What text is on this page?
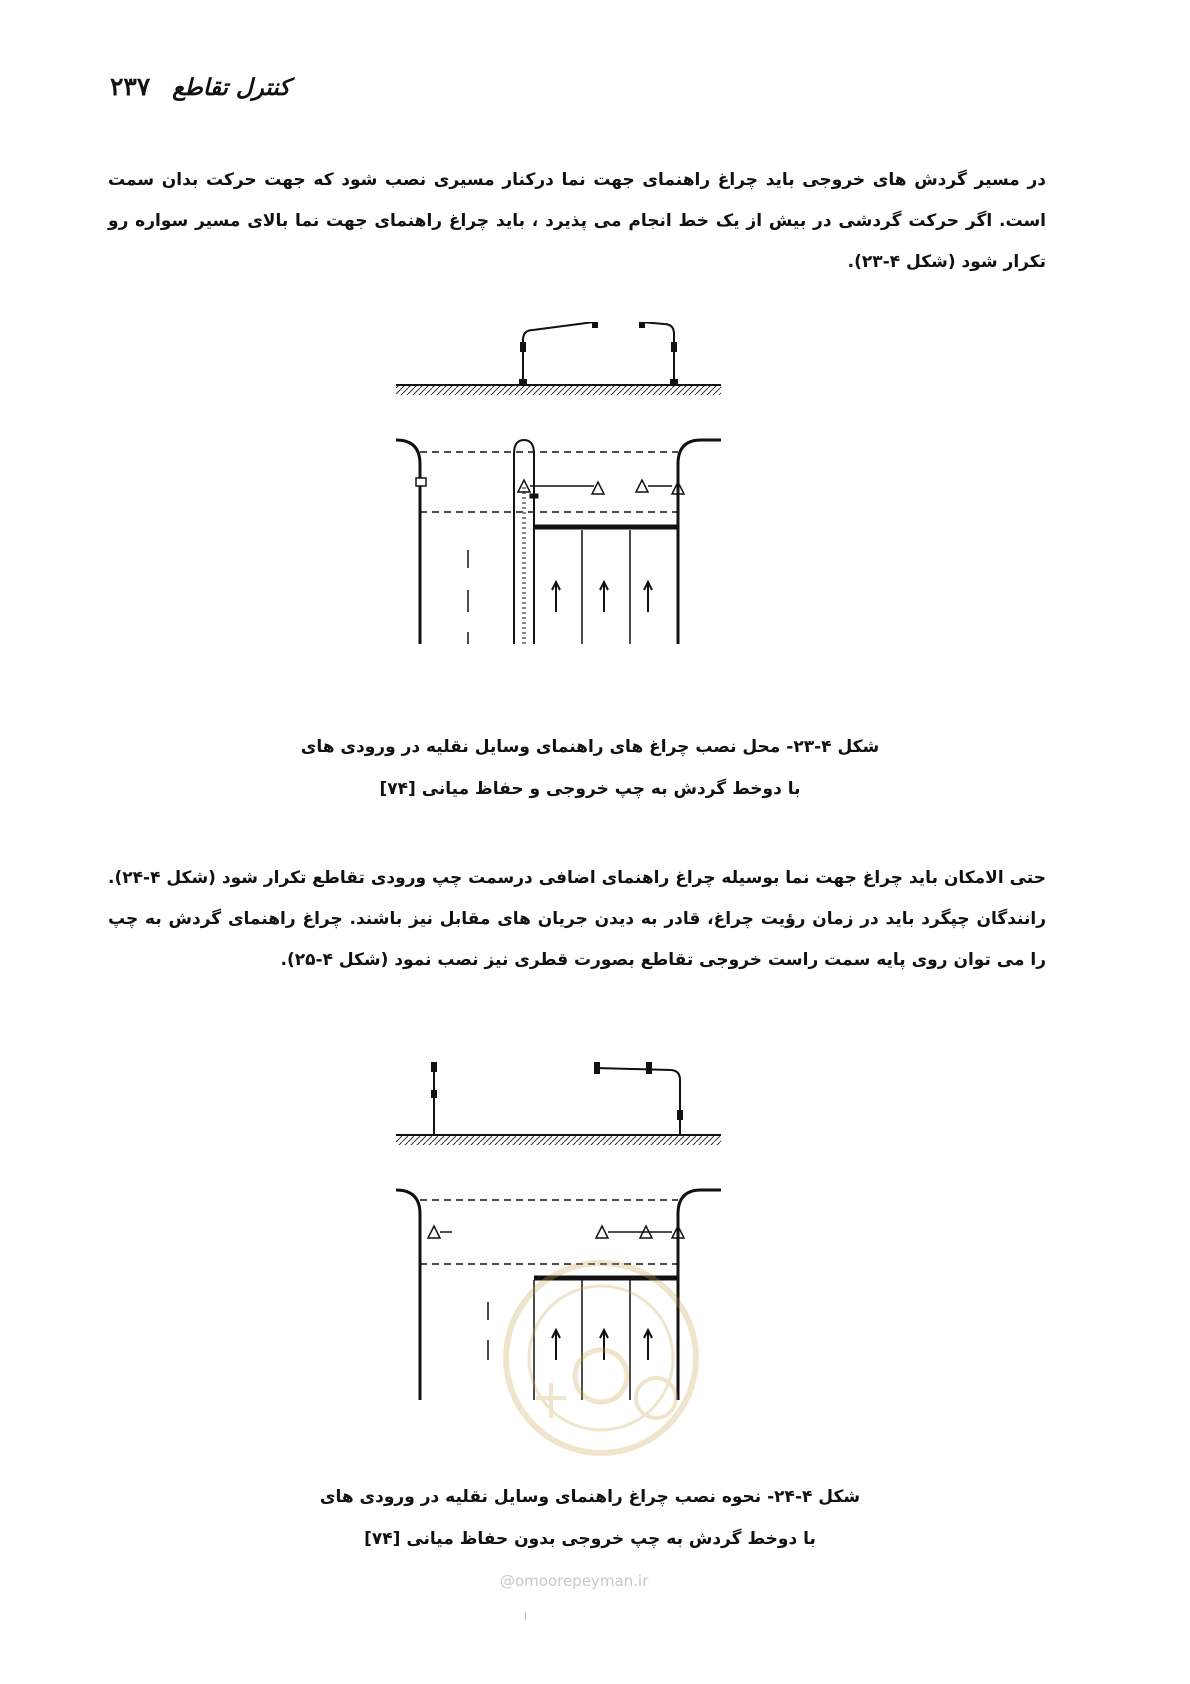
۲۳۷ کنترل تقاطع

در مسیر گردش های خروجی باید چراغ راهنمای جهت نما درکنار مسیری نصب شود که جهت حرکت بدان سمت است. اگر حرکت گردشی در بیش از یک خط انجام می پذیرد ، باید چراغ راهنمای جهت نما بالای مسیر سواره رو تکرار شود (شکل ۴-۲۳).

شکل ۴-۲۳- محل نصب چراغ های راهنمای وسایل نقلیه در ورودی های
با دوخط گردش به چپ خروجی و حفاظ میانی [۷۴]

حتی الامکان باید چراغ جهت نما بوسیله چراغ راهنمای اضافی درسمت چپ ورودی تقاطع تکرار شود (شکل ۴-۲۴). رانندگان چپگرد باید در زمان رؤیت چراغ، قادر به دیدن جریان های مقابل نیز باشند. چراغ راهنمای گردش به چپ را می توان روی پایه سمت راست خروجی تقاطع بصورت قطری نیز نصب نمود (شکل ۴-۲۵).

@omoorepeyman.ir
شکل ۴-۲۴- نحوه نصب چراغ راهنمای وسایل نقلیه در ورودی های
با دوخط گردش به چپ خروجی بدون حفاظ میانی [۷۴]
